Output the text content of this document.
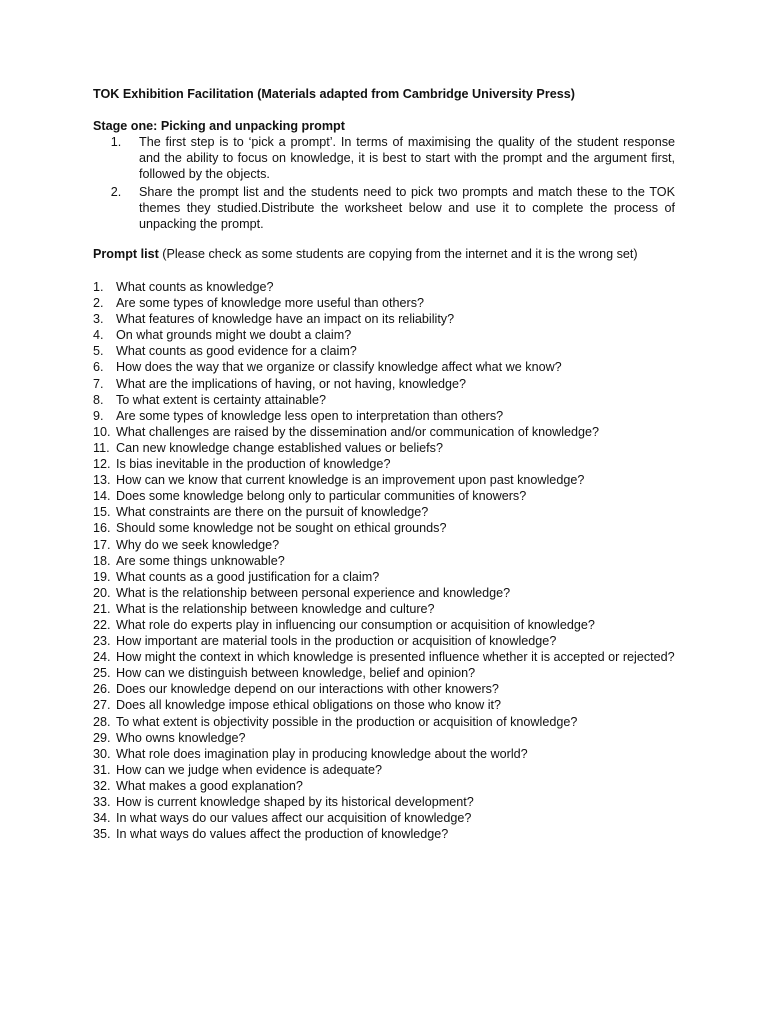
TOK Exhibition Facilitation (Materials adapted from Cambridge University Press)
Stage one: Picking and unpacking prompt
1.	The first step is to ‘pick a prompt’. In terms of maximising the quality of the student response and the ability to focus on knowledge, it is best to start with the prompt and the argument first, followed by the objects.
2.	Share the prompt list and the students need to pick two prompts and match these to the TOK themes they studied.Distribute the worksheet below and use it to complete the process of unpacking the prompt.
Prompt list (Please check as some students are copying from the internet and it is the wrong set)
1. What counts as knowledge?
2. Are some types of knowledge more useful than others?
3. What features of knowledge have an impact on its reliability?
4. On what grounds might we doubt a claim?
5. What counts as good evidence for a claim?
6. How does the way that we organize or classify knowledge affect what we know?
7. What are the implications of having, or not having, knowledge?
8. To what extent is certainty attainable?
9. Are some types of knowledge less open to interpretation than others?
10. What challenges are raised by the dissemination and/or communication of knowledge?
11. Can new knowledge change established values or beliefs?
12. Is bias inevitable in the production of knowledge?
13. How can we know that current knowledge is an improvement upon past knowledge?
14. Does some knowledge belong only to particular communities of knowers?
15. What constraints are there on the pursuit of knowledge?
16. Should some knowledge not be sought on ethical grounds?
17. Why do we seek knowledge?
18. Are some things unknowable?
19. What counts as a good justification for a claim?
20. What is the relationship between personal experience and knowledge?
21. What is the relationship between knowledge and culture?
22. What role do experts play in influencing our consumption or acquisition of knowledge?
23. How important are material tools in the production or acquisition of knowledge?
24. How might the context in which knowledge is presented influence whether it is accepted or rejected?
25. How can we distinguish between knowledge, belief and opinion?
26. Does our knowledge depend on our interactions with other knowers?
27. Does all knowledge impose ethical obligations on those who know it?
28. To what extent is objectivity possible in the production or acquisition of knowledge?
29. Who owns knowledge?
30. What role does imagination play in producing knowledge about the world?
31. How can we judge when evidence is adequate?
32. What makes a good explanation?
33. How is current knowledge shaped by its historical development?
34. In what ways do our values affect our acquisition of knowledge?
35. In what ways do values affect the production of knowledge?
